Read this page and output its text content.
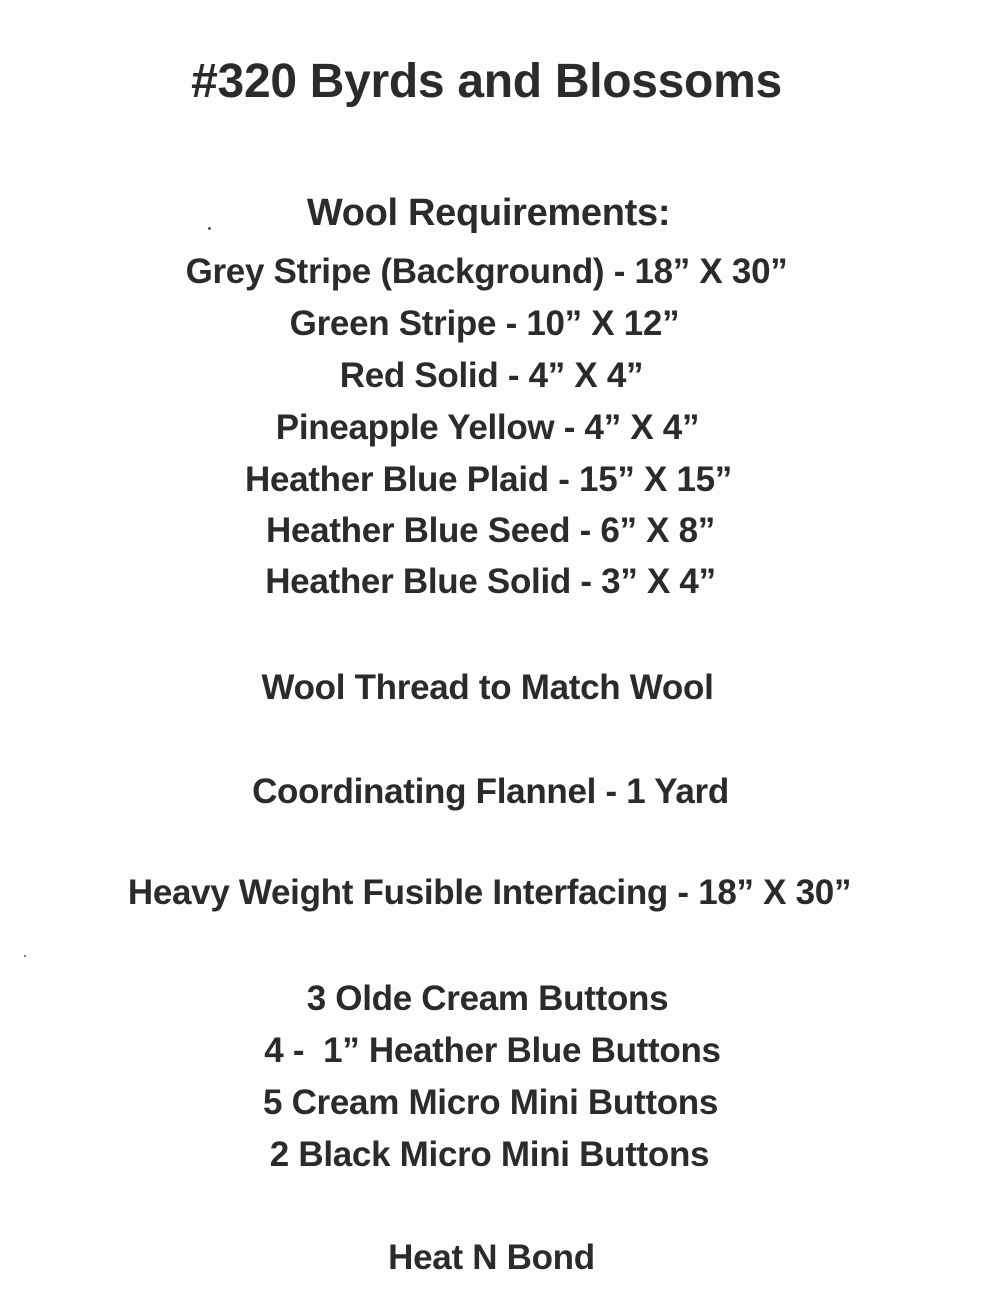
#320 Byrds and Blossoms
Wool Requirements:
Grey Stripe (Background) - 18” X 30”
Green Stripe - 10” X 12”
Red Solid - 4” X 4”
Pineapple Yellow - 4” X 4”
Heather Blue Plaid - 15” X 15”
Heather Blue Seed - 6” X 8”
Heather Blue Solid - 3” X 4”
Wool Thread to Match Wool
Coordinating Flannel - 1 Yard
Heavy Weight Fusible Interfacing - 18” X 30”
3 Olde Cream Buttons
4 -  1” Heather Blue Buttons
5 Cream Micro Mini Buttons
2 Black Micro Mini Buttons
Heat N Bond
